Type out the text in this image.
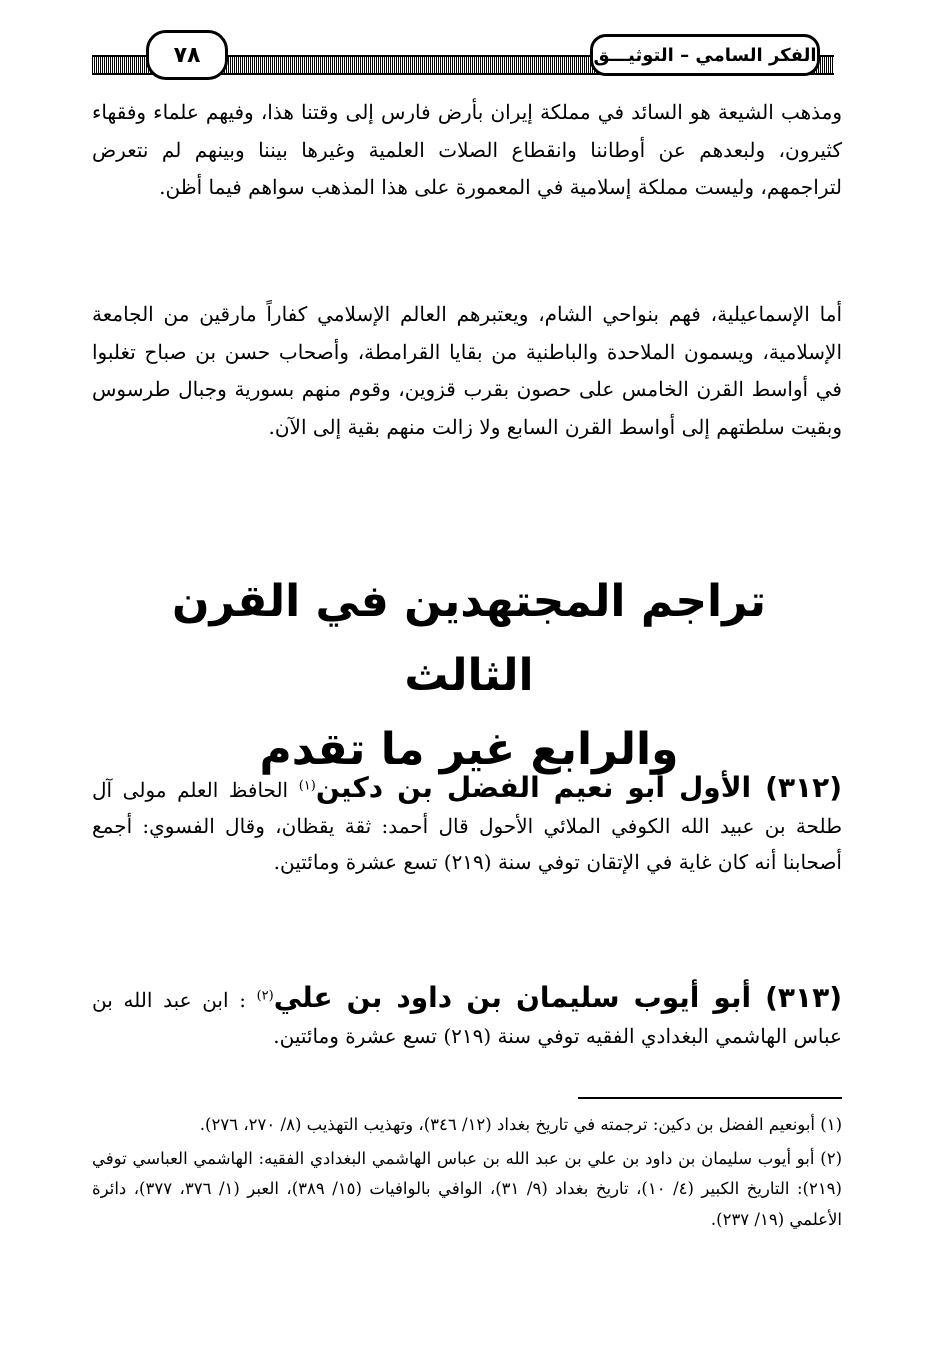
الفكر السامي – التوثيـــق
٧٨

ومذهب الشيعة هو السائد في مملكة إيران بأرض فارس إلى وقتنا هذا، وفيهم علماء وفقهاء كثيرون، ولبعدهم عن أوطاننا وانقطاع الصلات العلمية وغيرها بيننا وبينهم لم نتعرض لتراجمهم، وليست مملكة إسلامية في المعمورة على هذا المذهب سواهم فيما أظن.

أما الإسماعيلية، فهم بنواحي الشام، ويعتبرهم العالم الإسلامي كفاراً مارقين من الجامعة الإسلامية، ويسمون الملاحدة والباطنية من بقايا القرامطة، وأصحاب حسن بن صباح تغلبوا في أواسط القرن الخامس على حصون بقرب قزوين، وقوم منهم بسورية وجبال طرسوس وبقيت سلطتهم إلى أواسط القرن السابع ولا زالت منهم بقية إلى الآن.

تراجم المجتهدين في القرن الثالث
والرابع غير ما تقدم

(٣١٢) الأول أبو نعيم الفضل بن دكين$^{(١)}$ الحافظ العلم مولى آل طلحة بن عبيد الله الكوفي الملائي الأحول قال أحمد: ثقة يقظان، وقال الفسوي: أجمع أصحابنا أنه كان غاية في الإتقان توفي سنة (٢١٩) تسع عشرة ومائتين.

(٣١٣) أبو أيوب سليمان بن داود بن علي$^{(٢)}$ : ابن عبد الله بن عباس الهاشمي البغدادي الفقيه توفي سنة (٢١٩) تسع عشرة ومائتين.

(١) أبونعيم الفضل بن دكين: ترجمته في تاريخ بغداد (١٢/ ٣٤٦)، وتهذيب التهذيب (٨/ ٢٧٠، ٢٧٦).

(٢) أبو أيوب سليمان بن داود بن علي بن عبد الله بن عباس الهاشمي البغدادي الفقيه: الهاشمي العباسي توفي (٢١٩): التاريخ الكبير (٤/ ١٠)، تاريخ بغداد (٩/ ٣١)، الوافي بالوافيات (١٥/ ٣٨٩)، العبر (١/ ٣٧٦، ٣٧٧)، دائرة الأعلمي (١٩/ ٢٣٧).
